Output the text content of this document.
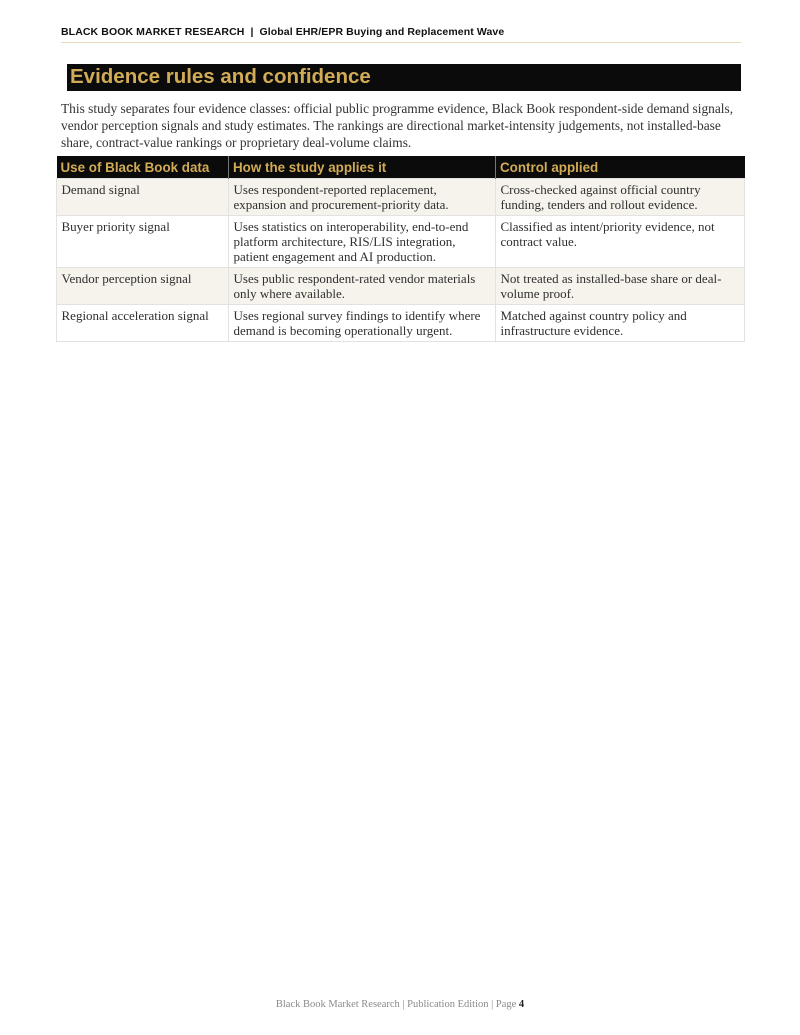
BLACK BOOK MARKET RESEARCH | Global EHR/EPR Buying and Replacement Wave
Evidence rules and confidence

This study separates four evidence classes: official public programme evidence, Black Book respondent-side demand signals, vendor perception signals and study estimates. The rankings are directional market-intensity judgements, not installed-base share, contract-value rankings or proprietary deal-volume claims.

Use of Black Book data	How the study applies it	Control applied
Demand signal	Uses respondent-reported replacement, expansion and procurement-priority data.	Cross-checked against official country funding, tenders and rollout evidence.
Buyer priority signal	Uses statistics on interoperability, end-to-end platform architecture, RIS/LIS integration, patient engagement and AI production.	Classified as intent/priority evidence, not contract value.
Vendor perception signal	Uses public respondent-rated vendor materials only where available.	Not treated as installed-base share or deal-volume proof.
Regional acceleration signal	Uses regional survey findings to identify where demand is becoming operationally urgent.	Matched against country policy and infrastructure evidence.
Black Book Market Research | Publication Edition | Page 4
